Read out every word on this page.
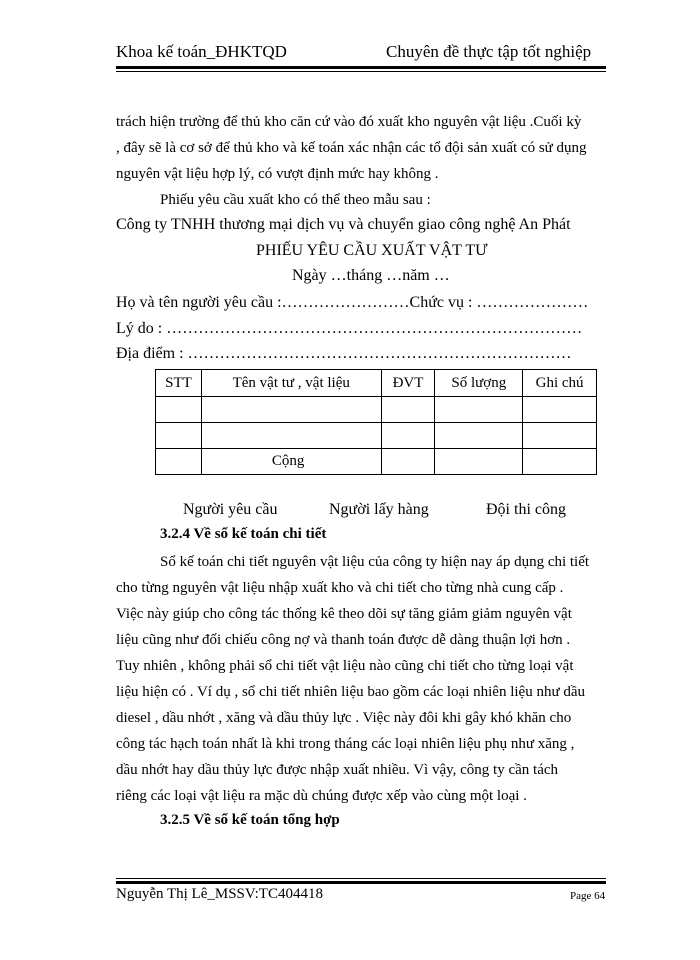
Khoa kế toán_ĐHKTQD	Chuyên đề thực tập tốt nghiệp
trách hiện trường để thủ kho căn cứ vào đó xuất kho nguyên vật liệu .Cuối kỳ
, đây sẽ là cơ sở để thủ kho và kế toán xác nhận các tổ đội sản xuất có sử dụng
nguyên vật liệu hợp lý, có vượt định mức hay không .
Phiếu yêu cầu xuất kho có thể theo mẫu sau :
Công ty TNHH thương mại dịch vụ và chuyển giao công nghệ An Phát
PHIẾU YÊU CẦU XUẤT VẬT TƯ
Ngày …tháng …năm …
Họ và tên người yêu cầu :……………………Chức vụ : …………………
Lý do : ……………………………………………………………………
Địa điểm : ………………………………………………………………
STT	Tên vật tư , vật liệu	ĐVT	Số lượng	Ghi chú

	Cộng			
Người yêu cầu	Người lấy hàng	Đội thi công
3.2.4 Về sổ kế toán chi tiết
Sổ kế toán chi tiết nguyên vật liệu của công ty hiện nay áp dụng chi tiết
cho từng nguyên vật liệu nhập xuất kho và chi tiết cho từng nhà cung cấp .
Việc này giúp cho công tác thống kê theo dõi sự tăng giảm giảm nguyên vật
liệu cũng như đối chiếu công nợ và thanh toán được dễ dàng thuận lợi hơn .
Tuy nhiên , không phải sổ chi tiết vật liệu nào cũng chi tiết cho từng loại vật
liệu hiện có . Ví dụ , sổ chi tiết nhiên liệu bao gồm các loại nhiên liệu như dầu
diesel , dầu nhớt , xăng và dầu thủy lực . Việc này đôi khi gây khó khăn cho
công tác hạch toán nhất là khi trong tháng các loại nhiên liệu phụ như xăng ,
dầu nhớt hay dầu thủy lực được nhập xuất nhiều. Vì vậy, công ty cần tách
riêng các loại vật liệu ra mặc dù chúng được xếp vào cùng một loại .
3.2.5 Về sổ kế toán tổng hợp
Nguyễn Thị Lê_MSSV:TC404418	Page 64
